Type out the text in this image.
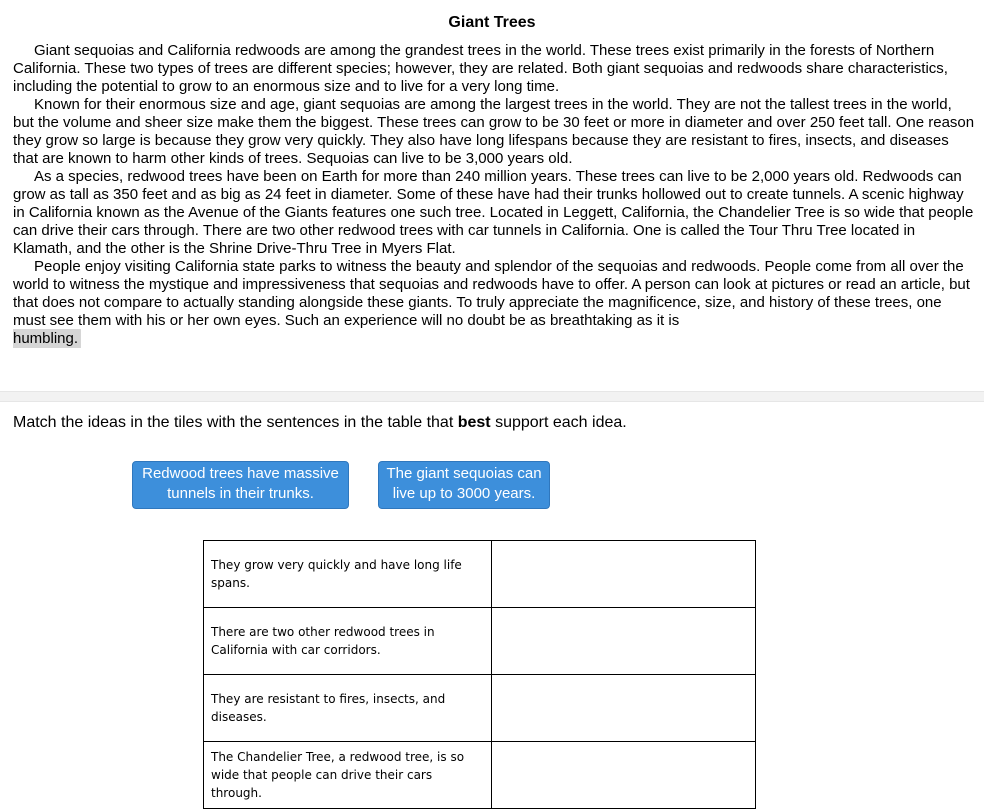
Giant Trees

Giant sequoias and California redwoods are among the grandest trees in the world. These trees exist primarily in the forests of Northern California. These two types of trees are different species; however, they are related. Both giant sequoias and redwoods share characteristics, including the potential to grow to an enormous size and to live for a very long time.

Known for their enormous size and age, giant sequoias are among the largest trees in the world. They are not the tallest trees in the world, but the volume and sheer size make them the biggest. These trees can grow to be 30 feet or more in diameter and over 250 feet tall. One reason they grow so large is because they grow very quickly. They also have long lifespans because they are resistant to fires, insects, and diseases that are known to harm other kinds of trees. Sequoias can live to be 3,000 years old.

As a species, redwood trees have been on Earth for more than 240 million years. These trees can live to be 2,000 years old. Redwoods can grow as tall as 350 feet and as big as 24 feet in diameter. Some of these have had their trunks hollowed out to create tunnels. A scenic highway in California known as the Avenue of the Giants features one such tree. Located in Leggett, California, the Chandelier Tree is so wide that people can drive their cars through. There are two other redwood trees with car tunnels in California. One is called the Tour Thru Tree located in Klamath, and the other is the Shrine Drive-Thru Tree in Myers Flat.

People enjoy visiting California state parks to witness the beauty and splendor of the sequoias and redwoods. People come from all over the world to witness the mystique and impressiveness that sequoias and redwoods have to offer. A person can look at pictures or read an article, but that does not compare to actually standing alongside these giants. To truly appreciate the magnificence, size, and history of these trees, one must see them with his or her own eyes. Such an experience will no doubt be as breathtaking as it is
humbling.

Match the ideas in the tiles with the sentences in the table that best support each idea.
Redwood trees have massive tunnels in their trunks.
The giant sequoias can live up to 3000 years.
They grow very quickly and have long life spans.	
There are two other redwood trees in California with car corridors.	
They are resistant to fires, insects, and diseases.	
The Chandelier Tree, a redwood tree, is so wide that people can drive their cars through.	
